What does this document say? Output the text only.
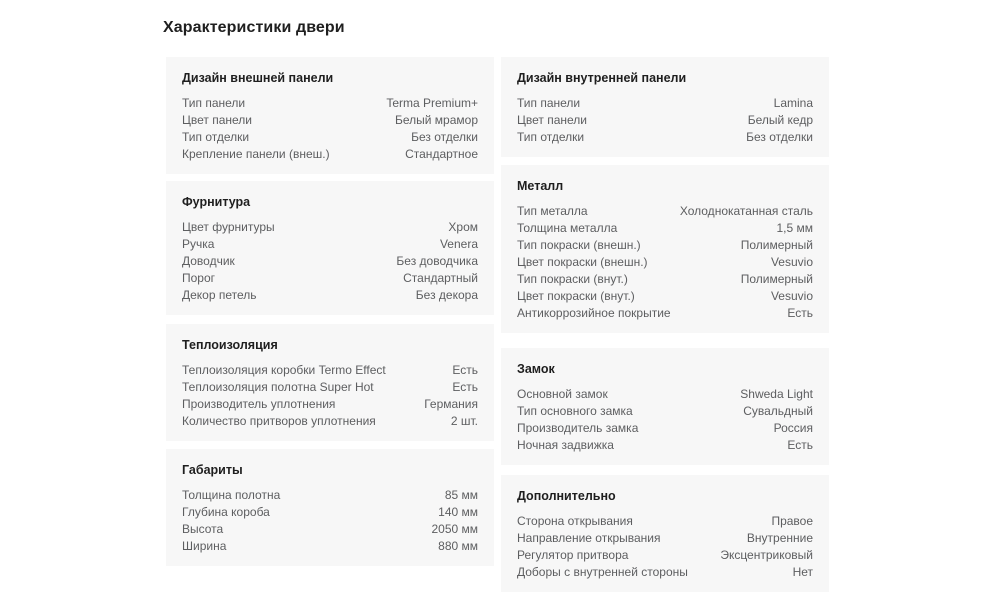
Характеристики двери
Дизайн внешней панели
Тип панели	Terma Premium+
Цвет панели	Белый мрамор
Тип отделки	Без отделки
Крепление панели (внеш.)	Стандартное
Фурнитура
Цвет фурнитуры	Хром
Ручка	Venera
Доводчик	Без доводчика
Порог	Стандартный
Декор петель	Без декора
Теплоизоляция
Теплоизоляция коробки Termo Effect	Есть
Теплоизоляция полотна Super Hot	Есть
Производитель уплотнения	Германия
Количество притворов уплотнения	2 шт.
Габариты
Толщина полотна	85 мм
Глубина короба	140 мм
Высота	2050 мм
Ширина	880 мм
Дизайн внутренней панели
Тип панели	Lamina
Цвет панели	Белый кедр
Тип отделки	Без отделки
Металл
Тип металла	Холоднокатанная сталь
Толщина металла	1,5 мм
Тип покраски (внешн.)	Полимерный
Цвет покраски (внешн.)	Vesuvio
Тип покраски (внут.)	Полимерный
Цвет покраски (внут.)	Vesuvio
Антикоррозийное покрытие	Есть
Замок
Основной замок	Shweda Light
Тип основного замка	Сувальдный
Производитель замка	Россия
Ночная задвижка	Есть
Дополнительно
Сторона открывания	Правое
Направление открывания	Внутренние
Регулятор притвора	Эксцентриковый
Доборы с внутренней стороны	Нет
